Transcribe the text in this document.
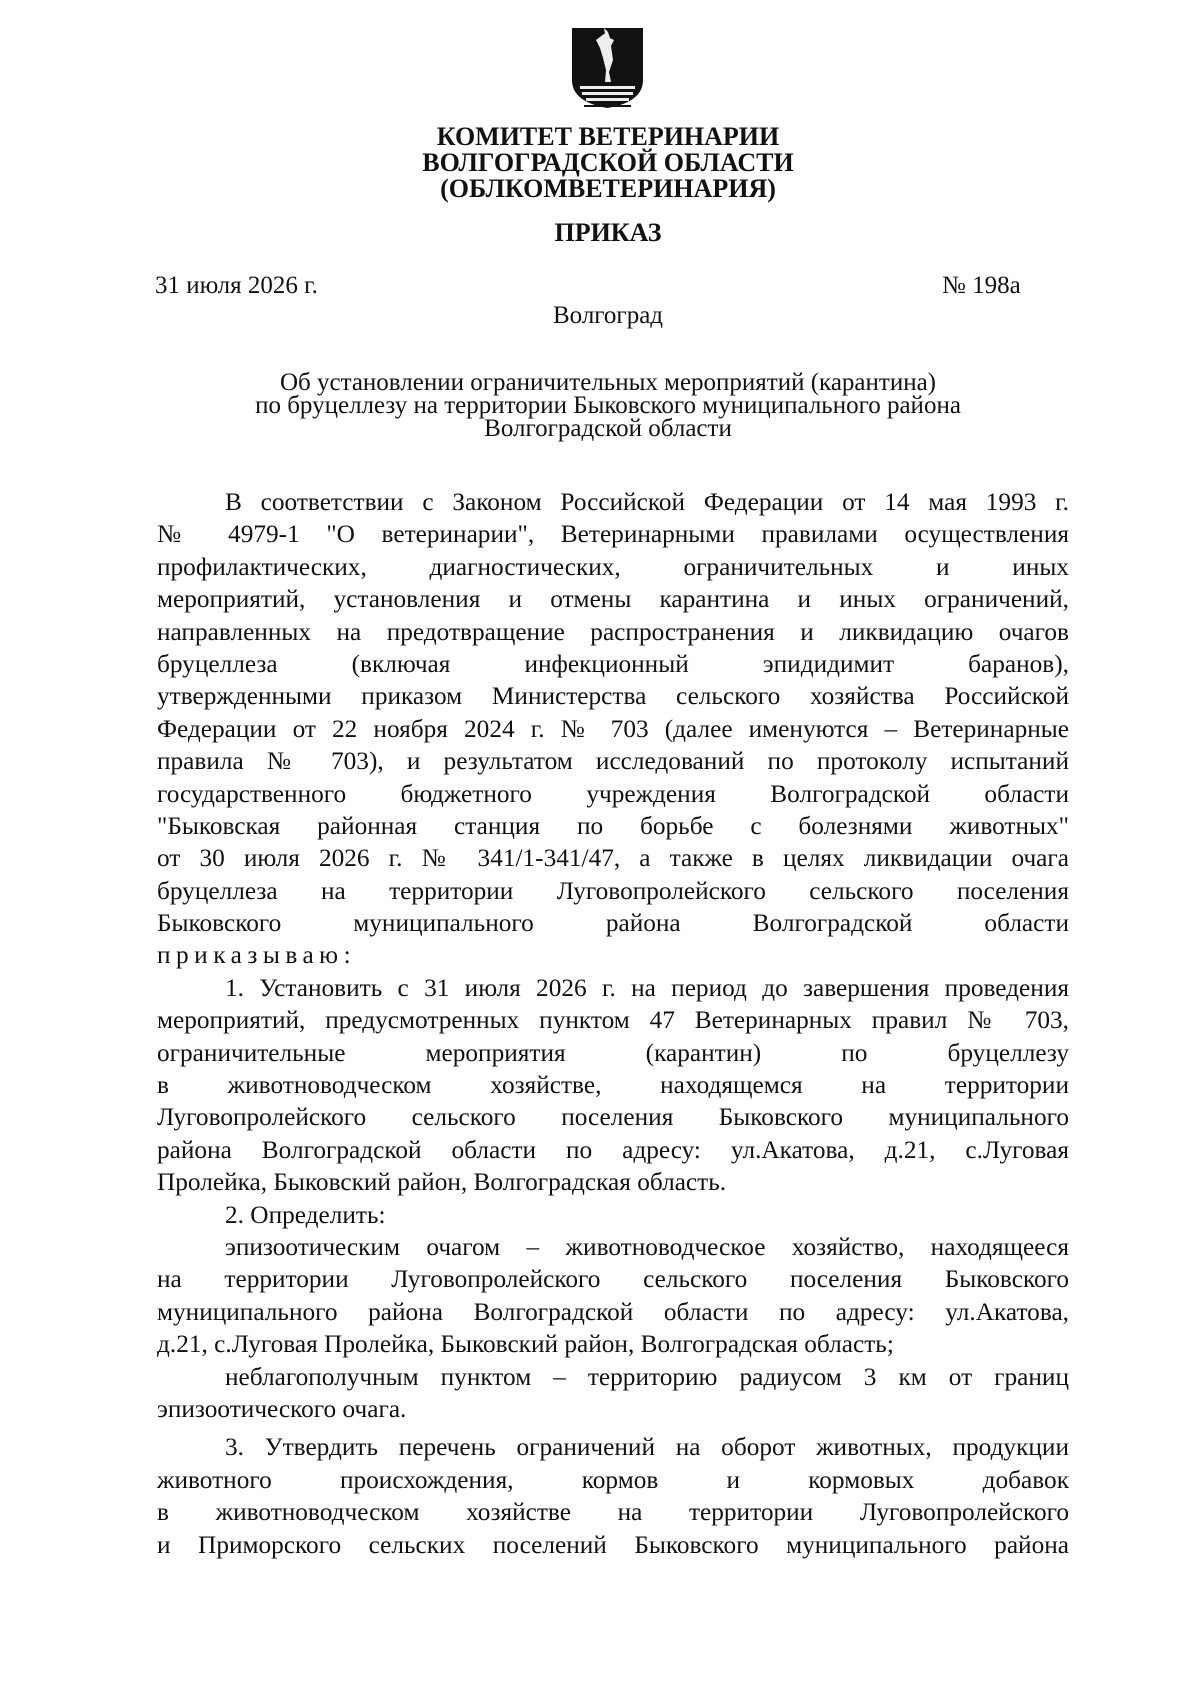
КОМИТЕТ ВЕТЕРИНАРИИ
ВОЛГОГРАДСКОЙ ОБЛАСТИ
(ОБЛКОМВЕТЕРИНАРИЯ)
ПРИКАЗ
31 июля 2026 г.	№ 198а
Волгоград
Об установлении ограничительных мероприятий (карантина)
по бруцеллезу на территории Быковского муниципального района
Волгоградской области
В соответствии с Законом Российской Федерации от 14 мая 1993 г.
№ 4979-1 "О ветеринарии", Ветеринарными правилами осуществления
профилактических, диагностических, ограничительных и иных
мероприятий, установления и отмены карантина и иных ограничений,
направленных на предотвращение распространения и ликвидацию очагов
бруцеллеза (включая инфекционный эпидидимит баранов),
утвержденными приказом Министерства сельского хозяйства Российской
Федерации от 22 ноября 2024 г. № 703 (далее именуются – Ветеринарные
правила № 703), и результатом исследований по протоколу испытаний
государственного бюджетного учреждения Волгоградской области
"Быковская районная станция по борьбе с болезнями животных"
от 30 июля 2026 г. № 341/1-341/47, а также в целях ликвидации очага
бруцеллеза на территории Луговопролейского сельского поселения
Быковского муниципального района Волгоградской области
приказываю:
1. Установить с 31 июля 2026 г. на период до завершения проведения
мероприятий, предусмотренных пунктом 47 Ветеринарных правил № 703,
ограничительные мероприятия (карантин) по бруцеллезу
в животноводческом хозяйстве, находящемся на территории
Луговопролейского сельского поселения Быковского муниципального
района Волгоградской области по адресу: ул.Акатова, д.21, с.Луговая
Пролейка, Быковский район, Волгоградская область.
2. Определить:
эпизоотическим очагом – животноводческое хозяйство, находящееся
на территории Луговопролейского сельского поселения Быковского
муниципального района Волгоградской области по адресу: ул.Акатова,
д.21, с.Луговая Пролейка, Быковский район, Волгоградская область;
неблагополучным пунктом – территорию радиусом 3 км от границ
эпизоотического очага.
3. Утвердить перечень ограничений на оборот животных, продукции
животного происхождения, кормов и кормовых добавок
в животноводческом хозяйстве на территории Луговопролейского
и Приморского сельских поселений Быковского муниципального района
